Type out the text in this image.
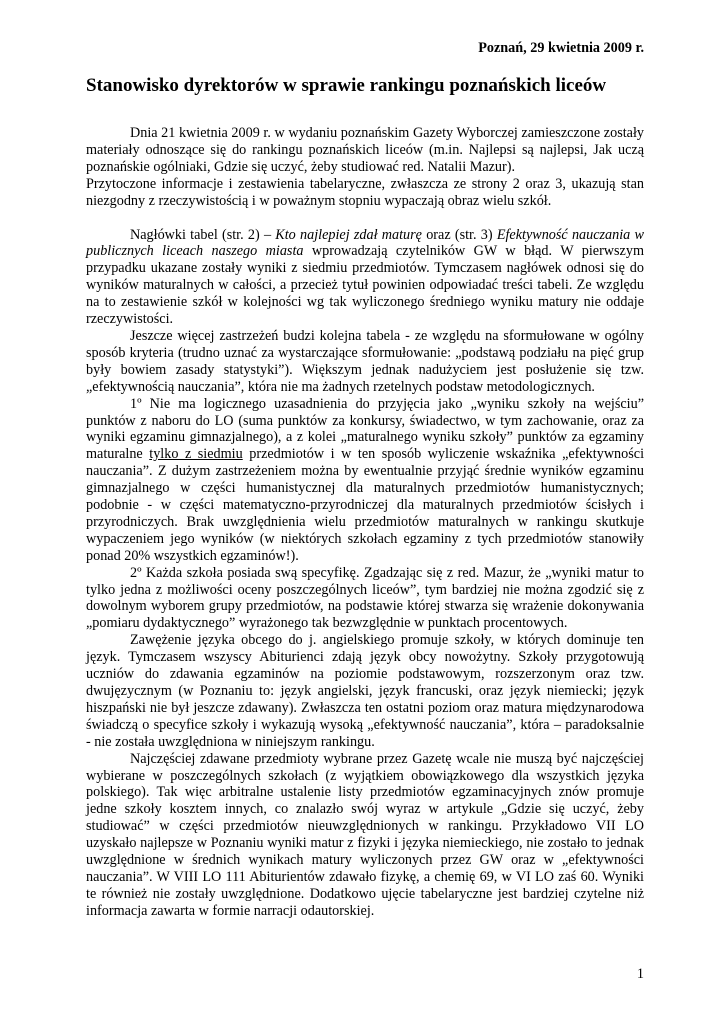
Poznań, 29 kwietnia 2009 r.
Stanowisko dyrektorów w sprawie rankingu poznańskich liceów

Dnia 21 kwietnia 2009 r. w wydaniu poznańskim Gazety Wyborczej zamieszczone zostały materiały odnoszące się do rankingu poznańskich liceów (m.in. Najlepsi są najlepsi, Jak uczą poznańskie ogólniaki, Gdzie się uczyć, żeby studiować red. Natalii Mazur).

Przytoczone informacje i zestawienia tabelaryczne, zwłaszcza ze strony 2 oraz 3, ukazują stan niezgodny z rzeczywistością i w poważnym stopniu wypaczają obraz wielu szkół.

Nagłówki tabel (str. 2) – Kto najlepiej zdał maturę oraz (str. 3) Efektywność nauczania w publicznych liceach naszego miasta wprowadzają czytelników GW w błąd. W pierwszym przypadku ukazane zostały wyniki z siedmiu przedmiotów. Tymczasem nagłówek odnosi się do wyników maturalnych w całości, a przecież tytuł powinien odpowiadać treści tabeli. Ze względu na to zestawienie szkół w kolejności wg tak wyliczonego średniego wyniku matury nie oddaje rzeczywistości.

Jeszcze więcej zastrzeżeń budzi kolejna tabela - ze względu na sformułowane w ogólny sposób kryteria (trudno uznać za wystarczające sformułowanie: „podstawą podziału na pięć grup były bowiem zasady statystyki”). Większym jednak nadużyciem jest posłużenie się tzw. „efektywnością nauczania”, która nie ma żadnych rzetelnych podstaw metodologicznych.

1º Nie ma logicznego uzasadnienia do przyjęcia jako „wyniku szkoły na wejściu” punktów z naboru do LO (suma punktów za konkursy, świadectwo, w tym zachowanie, oraz za wyniki egzaminu gimnazjalnego), a z kolei „maturalnego wyniku szkoły” punktów za egzaminy maturalne tylko z siedmiu przedmiotów i w ten sposób wyliczenie wskaźnika „efektywności nauczania”. Z dużym zastrzeżeniem można by ewentualnie przyjąć średnie wyników egzaminu gimnazjalnego w części humanistycznej dla maturalnych przedmiotów humanistycznych; podobnie - w części matematyczno-przyrodniczej dla maturalnych przedmiotów ścisłych i przyrodniczych. Brak uwzględnienia wielu przedmiotów maturalnych w rankingu skutkuje wypaczeniem jego wyników (w niektórych szkołach egzaminy z tych przedmiotów stanowiły ponad 20% wszystkich egzaminów!).

2º Każda szkoła posiada swą specyfikę. Zgadzając się z red. Mazur, że „wyniki matur to tylko jedna z możliwości oceny poszczególnych liceów”, tym bardziej nie można zgodzić się z dowolnym wyborem grupy przedmiotów, na podstawie której stwarza się wrażenie dokonywania „pomiaru dydaktycznego” wyrażonego tak bezwzględnie w punktach procentowych.

Zawężenie języka obcego do j. angielskiego promuje szkoły, w których dominuje ten język. Tymczasem wszyscy Abiturienci zdają język obcy nowożytny. Szkoły przygotowują uczniów do zdawania egzaminów na poziomie podstawowym, rozszerzonym oraz tzw. dwujęzycznym (w Poznaniu to: język angielski, język francuski, oraz język niemiecki; język hiszpański nie był jeszcze zdawany). Zwłaszcza ten ostatni poziom oraz matura międzynarodowa świadczą o specyfice szkoły i wykazują wysoką „efektywność nauczania”, która – paradoksalnie - nie została uwzględniona w niniejszym rankingu.

Najczęściej zdawane przedmioty wybrane przez Gazetę wcale nie muszą być najczęściej wybierane w poszczególnych szkołach (z wyjątkiem obowiązkowego dla wszystkich języka polskiego). Tak więc arbitralne ustalenie listy przedmiotów egzaminacyjnych znów promuje jedne szkoły kosztem innych, co znalazło swój wyraz w artykule „Gdzie się uczyć, żeby studiować” w części przedmiotów nieuwzględnionych w rankingu. Przykładowo VII LO uzyskało najlepsze w Poznaniu wyniki matur z fizyki i języka niemieckiego, nie zostało to jednak uwzględnione w średnich wynikach matury wyliczonych przez GW oraz w „efektywności nauczania”. W VIII LO 111 Abiturientów zdawało fizykę, a chemię 69, w VI LO zaś 60. Wyniki te również nie zostały uwzględnione. Dodatkowo ujęcie tabelaryczne jest bardziej czytelne niż informacja zawarta w formie narracji odautorskiej.

1
